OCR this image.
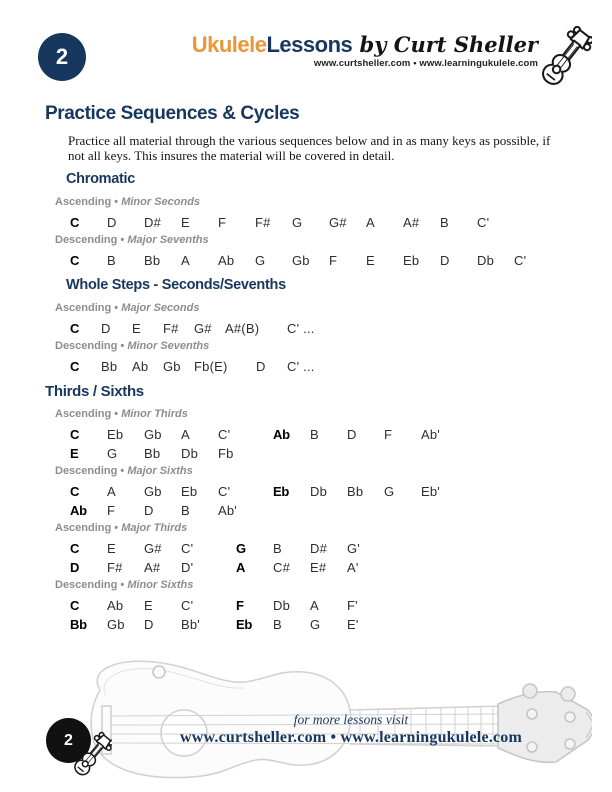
2	UkuleleLessons by Curt Sheller
www.curtsheller.com • www.learningukulele.com
Practice Sequences & Cycles

Practice all material through the various sequences below and in as many keys as possible, if not all keys. This insures the material will be covered in detail.

Chromatic
Ascending • Minor Seconds
C	D	D#	E	F	F#	G	G#	A	A#	B	C'
Descending • Major Sevenths
C	B	Bb	A	Ab	G	Gb	F	E	Eb	D	Db	C'
Whole Steps - Seconds/Sevenths
Ascending • Major Seconds
C	D	E	F#	G#	A#(B) C' ...
Descending • Minor Sevenths
C	Bb	Ab	Gb	Fb(E) D	C' ...
Thirds / Sixths
Ascending • Minor Thirds
C	Eb	Gb	A	C'	Ab	B	D	F	Ab'
E	G	Bb	Db	Fb
Descending • Major Sixths
C	A	Gb	Eb	C'	Eb	Db	Bb	G	Eb'
Ab	F	D	B	Ab'
Ascending • Major Thirds
C	E	G#	C'	G	B	D#	G'
D	F#	A#	D'	A	C#	E#	A'
Descending • Minor Sixths
C	Ab	E	C'	F	Db	A	F'
Bb	Gb	D	Bb'	Eb	B	G	E'
for more lessons visit
www.curtsheller.com • www.learningukulele.com
2
